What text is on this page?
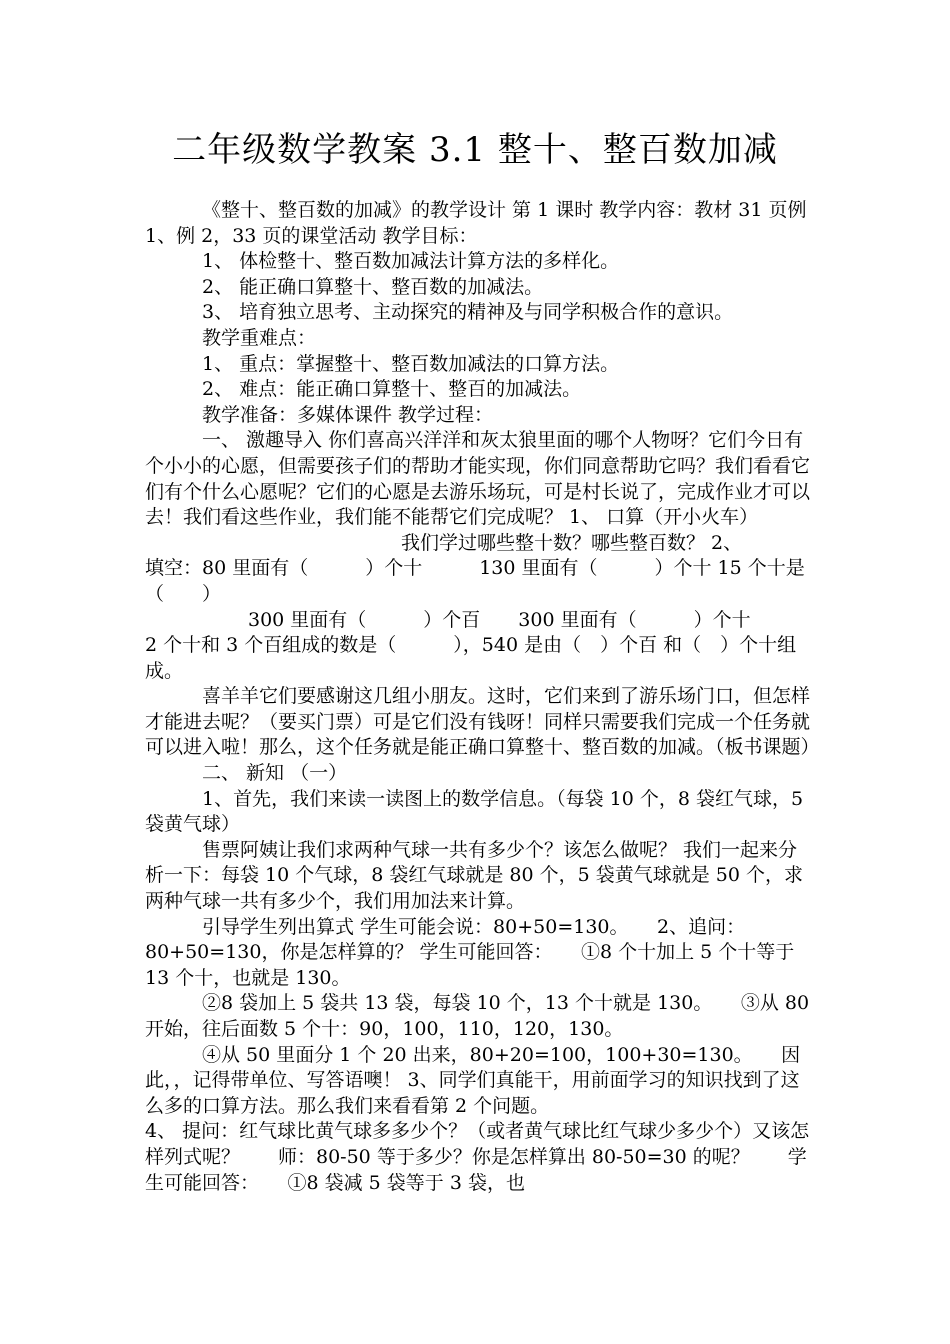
二年级数学教案 3.1 整十、整百数加减

《整十、整百数的加减》的教学设计 第 1 课时 教学内容：教材 31 页例 1、例 2，33 页的课堂活动 教学目标：

1、 体检整十、整百数加减法计算方法的多样化。

2、 能正确口算整十、整百数的加减法。

3、 培育独立思考、主动探究的精神及与同学积极合作的意识。

教学重难点：

1、 重点：掌握整十、整百数加减法的口算方法。

2、 难点：能正确口算整十、整百的加减法。

教学准备：多媒体课件 教学过程：

一、 激趣导入 你们喜高兴洋洋和灰太狼里面的哪个人物呀？它们今日有个小小的心愿，但需要孩子们的帮助才能实现，你们同意帮助它吗？我们看看它们有个什么心愿呢？它们的心愿是去游乐场玩，可是村长说了，完成作业才可以去！我们看这些作业，我们能不能帮它们完成呢？ 1、 口算（开小火车）

我们学过哪些整十数？哪些整百数？ 2、

填空：80 里面有（　　　）个十　　　130 里面有（　　　）个十 15 个十是（　　）

300 里面有（　　　）个百　　300 里面有（　　　）个十

2 个十和 3 个百组成的数是（　　　），540 是由（　）个百 和（　）个十组成。

喜羊羊它们要感谢这几组小朋友。这时，它们来到了游乐场门口，但怎样才能进去呢？（要买门票）可是它们没有钱呀！同样只需要我们完成一个任务就可以进入啦！那么，这个任务就是能正确口算整十、整百数的加减。（板书课题）

二、 新知 （一）

1、首先，我们来读一读图上的数学信息。（每袋 10 个，8 袋红气球，5 袋黄气球）

售票阿姨让我们求两种气球一共有多少个？该怎么做呢？ 我们一起来分析一下：每袋 10 个气球，8 袋红气球就是 80 个，5 袋黄气球就是 50 个，求两种气球一共有多少个，我们用加法来计算。

引导学生列出算式 学生可能会说：80+50=130。　　2、追问：80+50=130，你是怎样算的？ 学生可能回答：　　①8 个十加上 5 个十等于 13 个十，也就是 130。

②8 袋加上 5 袋共 13 袋，每袋 10 个，13 个十就是 130。　　③从 80 开始，往后面数 5 个十：90，100，110，120，130。

④从 50 里面分 1 个 20 出来，80+20=100，100+30=130。　　因此，，记得带单位、写答语噢！ 3、同学们真能干，用前面学习的知识找到了这么多的口算方法。那么我们来看看第 2 个问题。

4、 提问：红气球比黄气球多多少个？（或者黄气球比红气球少多少个）又该怎样列式呢？　　师：80-50 等于多少？你是怎样算出 80-50=30 的呢？　　学生可能回答：　　①8 袋减 5 袋等于 3 袋，也
